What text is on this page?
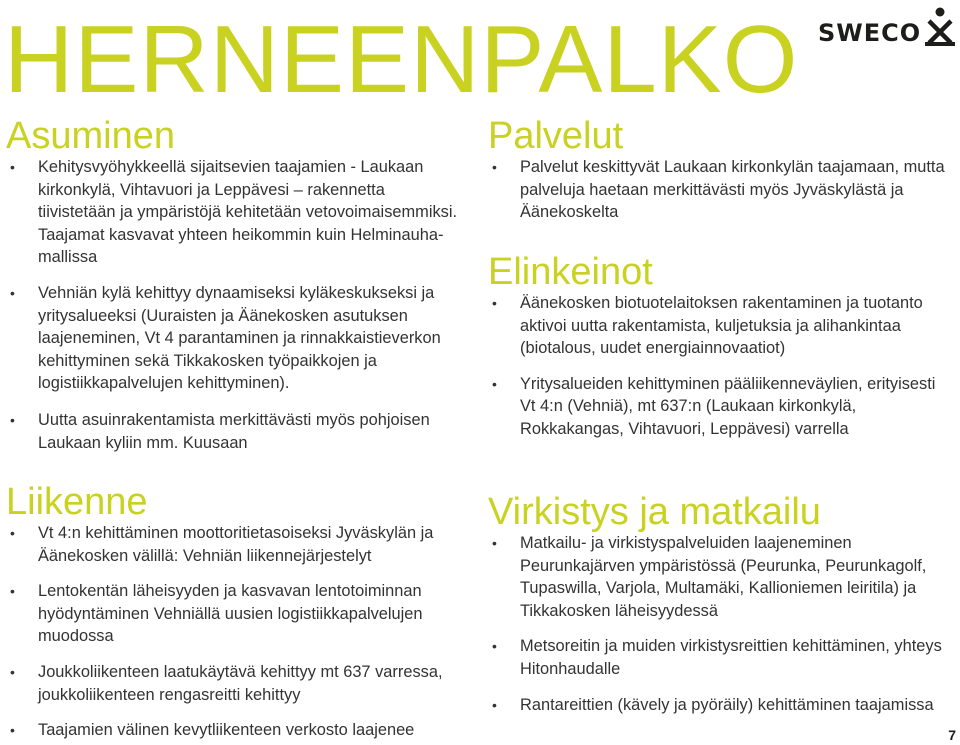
HERNEENPALKO SWECO
Asuminen
• Kehitysvyöhykkeellä sijaitsevien taajamien - Laukaan kirkonkylä, Vihtavuori ja Leppävesi – rakennetta tiivistetään ja ympäristöjä kehitetään vetovoimaisemmiksi. Taajamat kasvavat yhteen heikommin kuin Helminauha-mallissa
• Vehniän kylä kehittyy dynaamiseksi kyläkeskukseksi ja yritysalueeksi (Uuraisten ja Äänekosken asutuksen laajeneminen, Vt 4 parantaminen ja rinnakkaistieverkon kehittyminen sekä Tikkakosken työpaikkojen ja logistiikkapalvelujen kehittyminen).
• Uutta asuinrakentamista merkittävästi myös pohjoisen Laukaan kyliin mm. Kuusaan
Liikenne
• Vt 4:n kehittäminen moottoritietasoiseksi Jyväskylän ja Äänekosken välillä: Vehniän liikennejärjestelyt
• Lentokentän läheisyyden ja kasvavan lentotoiminnan hyödyntäminen Vehniällä uusien logistiikkapalvelujen muodossa
• Joukkoliikenteen laatukäytävä kehittyy mt 637 varressa, joukkoliikenteen rengasreitti kehittyy
• Taajamien välinen kevytliikenteen verkosto laajenee
Palvelut
• Palvelut keskittyvät Laukaan kirkonkylän taajamaan, mutta palveluja haetaan merkittävästi myös Jyväskylästä ja Äänekoskelta
Elinkeinot
• Äänekosken biotuotelaitoksen rakentaminen ja tuotanto aktivoi uutta rakentamista, kuljetuksia ja alihankintaa (biotalous, uudet energiainnovaatiot)
• Yritysalueiden kehittyminen pääliikenneväylien, erityisesti Vt 4:n (Vehniä), mt 637:n (Laukaan kirkonkylä, Rokkakangas, Vihtavuori, Leppävesi) varrella
Virkistys ja matkailu
• Matkailu- ja virkistyspalveluiden laajeneminen Peurunkajärven ympäristössä (Peurunka, Peurunkagolf, Tupaswilla, Varjola, Multamäki, Kallioniemen leiritila) ja Tikkakosken läheisyydessä
• Metsoreitin ja muiden virkistysreittien kehittäminen, yhteys Hitonhaudalle
• Rantareittien (kävely ja pyöräily) kehittäminen taajamissa
7
